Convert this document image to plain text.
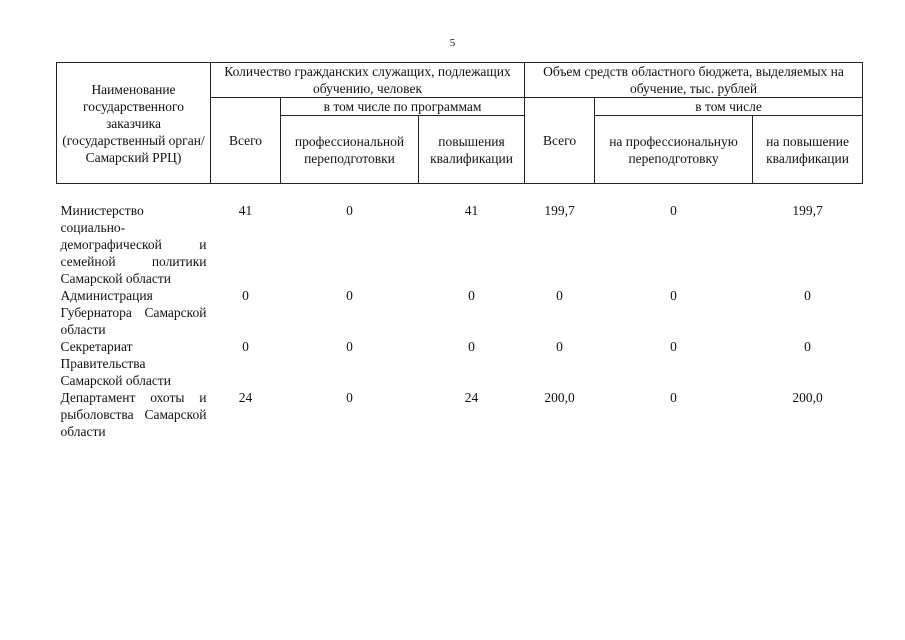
5
Наименование государственного заказчика (государственный орган/Самарский РРЦ)	Количество гражданских служащих, подлежащих обучению, человек			Объем средств областного бюджета, выделяемых на обучение, тыс. рублей		
	Всего	в том числе по программам		Всего	в том числе	
		профессиональной переподготовки	повышения квалификации		на профессиональную переподготовку	на повышение квалификации

Министерство социально-демографической и семейной политики Самарской области	41	0	41	199,7	0	199,7
Администрация Губернатора Самарской области	0	0	0	0	0	0
Секретариат Правительства Самарской области	0	0	0	0	0	0
Департамент охоты и рыболовства Самарской области	24	0	24	200,0	0	200,0
